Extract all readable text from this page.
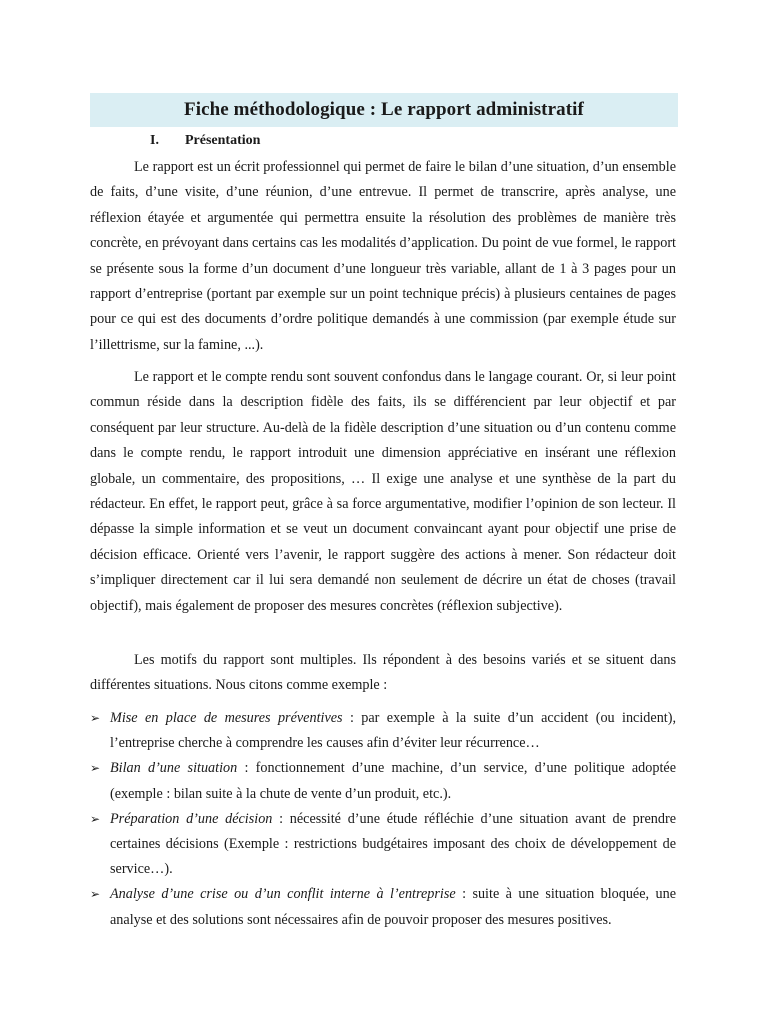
Fiche méthodologique : Le rapport administratif
I.	Présentation

Le rapport est un écrit professionnel qui permet de faire le bilan d’une situation, d’un ensemble de faits, d’une visite, d’une réunion, d’une entrevue. Il permet de transcrire, après analyse, une réflexion étayée et argumentée qui permettra ensuite la résolution des problèmes de manière très concrète, en prévoyant dans certains cas les modalités d’application. Du point de vue formel, le rapport se présente sous la forme d’un document d’une longueur très variable, allant de 1 à 3 pages pour un rapport d’entreprise (portant par exemple sur un point technique précis) à plusieurs centaines de pages pour ce qui est des documents d’ordre politique demandés à une commission (par exemple étude sur l’illettrisme, sur la famine, ...).

Le rapport et le compte rendu sont souvent confondus dans le langage courant. Or, si leur point commun réside dans la description fidèle des faits, ils se différencient par leur objectif et par conséquent par leur structure. Au-delà de la fidèle description d’une situation ou d’un contenu comme dans le compte rendu, le rapport introduit une dimension appréciative en insérant une réflexion globale, un commentaire, des propositions, … Il exige une analyse et une synthèse de la part du rédacteur. En effet, le rapport peut, grâce à sa force argumentative, modifier l’opinion de son lecteur. Il dépasse la simple information et se veut un document convaincant ayant pour objectif une prise de décision efficace. Orienté vers l’avenir, le rapport suggère des actions à mener. Son rédacteur doit s’impliquer directement car il lui sera demandé non seulement de décrire un état de choses (travail objectif), mais également de proposer des mesures concrètes (réflexion subjective).

Les motifs du rapport sont multiples. Ils répondent à des besoins variés et se situent dans différentes situations. Nous citons comme exemple :

➢ Mise en place de mesures préventives : par exemple à la suite d’un accident (ou incident), l’entreprise cherche à comprendre les causes afin d’éviter leur récurrence…
➢ Bilan d’une situation : fonctionnement d’une machine, d’un service, d’une politique adoptée (exemple : bilan suite à la chute de vente d’un produit, etc.).
➢ Préparation d’une décision : nécessité d’une étude réfléchie d’une situation avant de prendre certaines décisions (Exemple : restrictions budgétaires imposant des choix de développement de service…).
➢ Analyse d’une crise ou d’un conflit interne à l’entreprise : suite à une situation bloquée, une analyse et des solutions sont nécessaires afin de pouvoir proposer des mesures positives.
